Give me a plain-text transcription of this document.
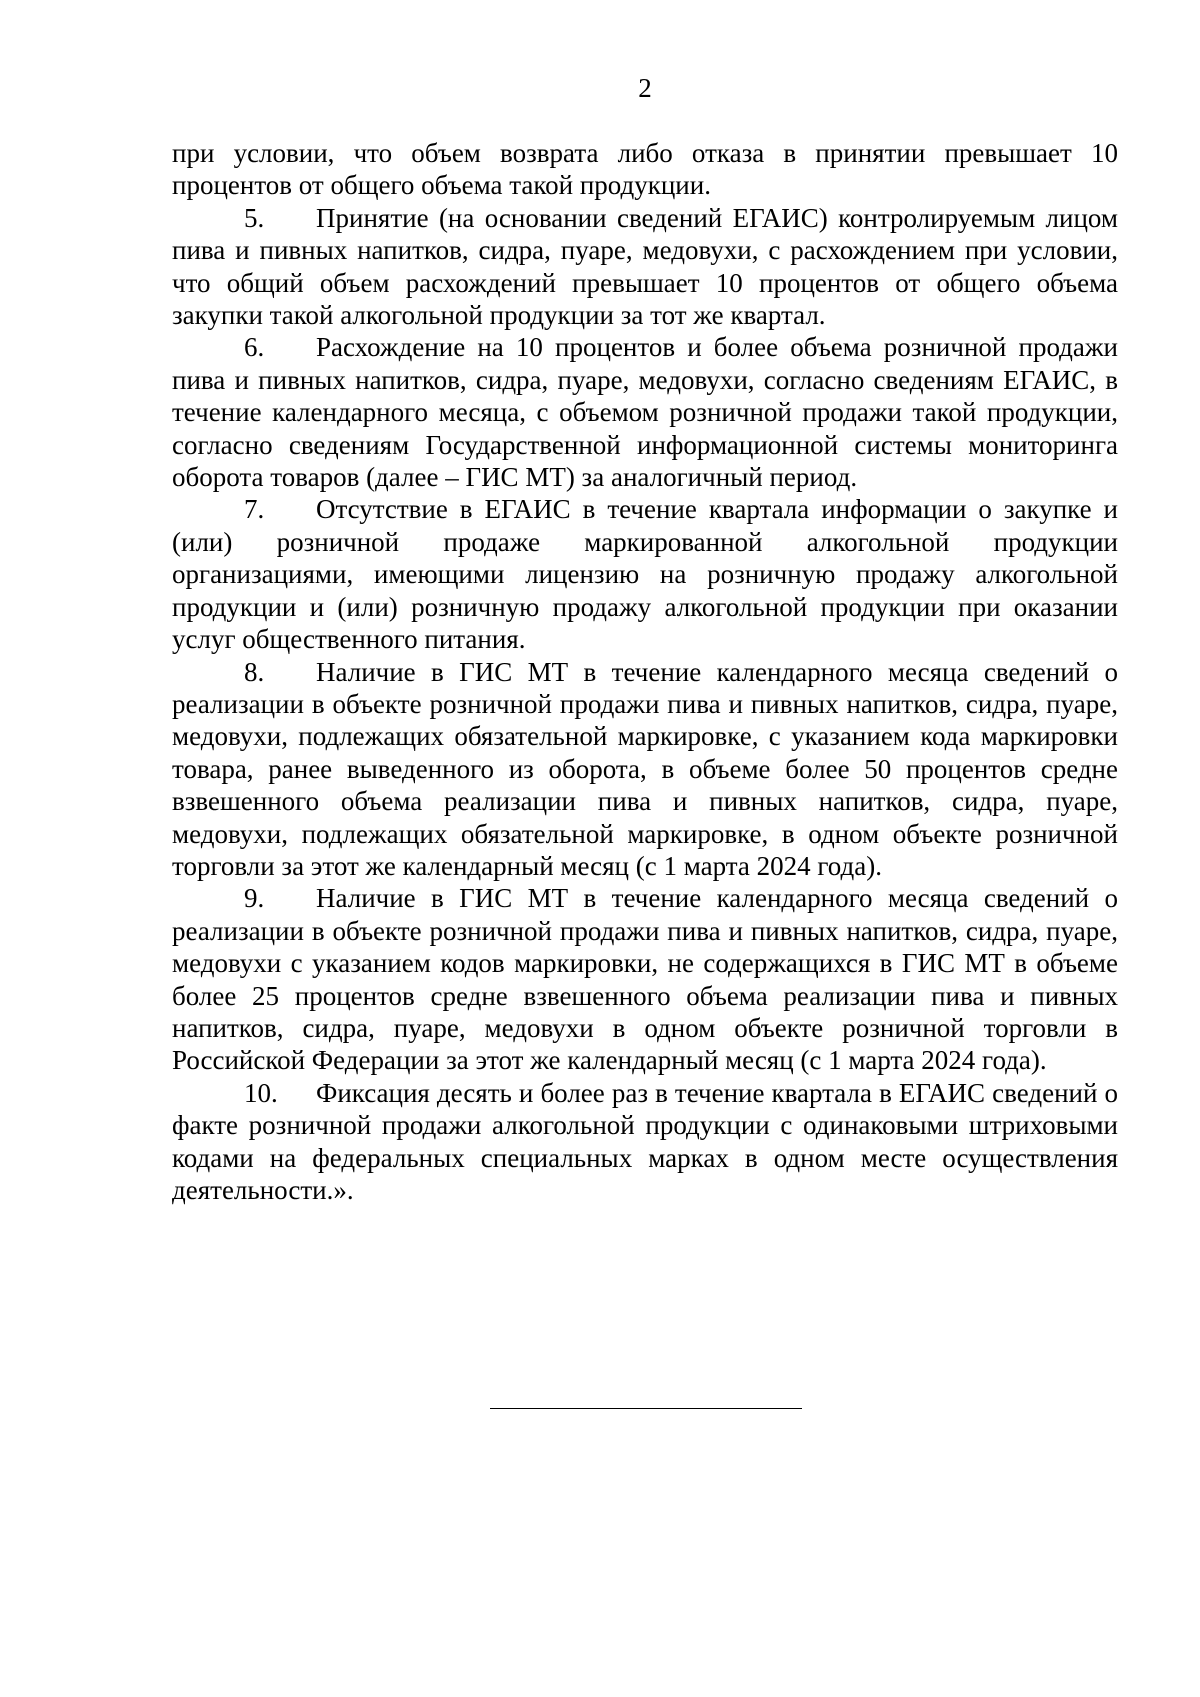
2

при условии, что объем возврата либо отказа в принятии превышает 10 процентов от общего объема такой продукции.

5. Принятие (на основании сведений ЕГАИС) контролируемым лицом пива и пивных напитков, сидра, пуаре, медовухи, с расхождением при условии, что общий объем расхождений превышает 10 процентов от общего объема закупки такой алкогольной продукции за тот же квартал.

6. Расхождение на 10 процентов и более объема розничной продажи пива и пивных напитков, сидра, пуаре, медовухи, согласно сведениям ЕГАИС, в течение календарного месяца, с объемом розничной продажи такой продукции, согласно сведениям Государственной информационной системы мониторинга оборота товаров (далее – ГИС МТ) за аналогичный период.

7. Отсутствие в ЕГАИС в течение квартала информации о закупке и (или) розничной продаже маркированной алкогольной продукции организациями, имеющими лицензию на розничную продажу алкогольной продукции и (или) розничную продажу алкогольной продукции при оказании услуг общественного питания.

8. Наличие в ГИС МТ в течение календарного месяца сведений о реализации в объекте розничной продажи пива и пивных напитков, сидра, пуаре, медовухи, подлежащих обязательной маркировке, с указанием кода маркировки товара, ранее выведенного из оборота, в объеме более 50 процентов средне взвешенного объема реализации пива и пивных напитков, сидра, пуаре, медовухи, подлежащих обязательной маркировке, в одном объекте розничной торговли за этот же календарный месяц (с 1 марта 2024 года).

9. Наличие в ГИС МТ в течение календарного месяца сведений о реализации в объекте розничной продажи пива и пивных напитков, сидра, пуаре, медовухи с указанием кодов маркировки, не содержащихся в ГИС МТ в объеме более 25 процентов средне взвешенного объема реализации пива и пивных напитков, сидра, пуаре, медовухи в одном объекте розничной торговли в Российской Федерации за этот же календарный месяц (с 1 марта 2024 года).

10. Фиксация десять и более раз в течение квартала в ЕГАИС сведений о факте розничной продажи алкогольной продукции с одинаковыми штриховыми кодами на федеральных специальных марках в одном месте осуществления деятельности.».
